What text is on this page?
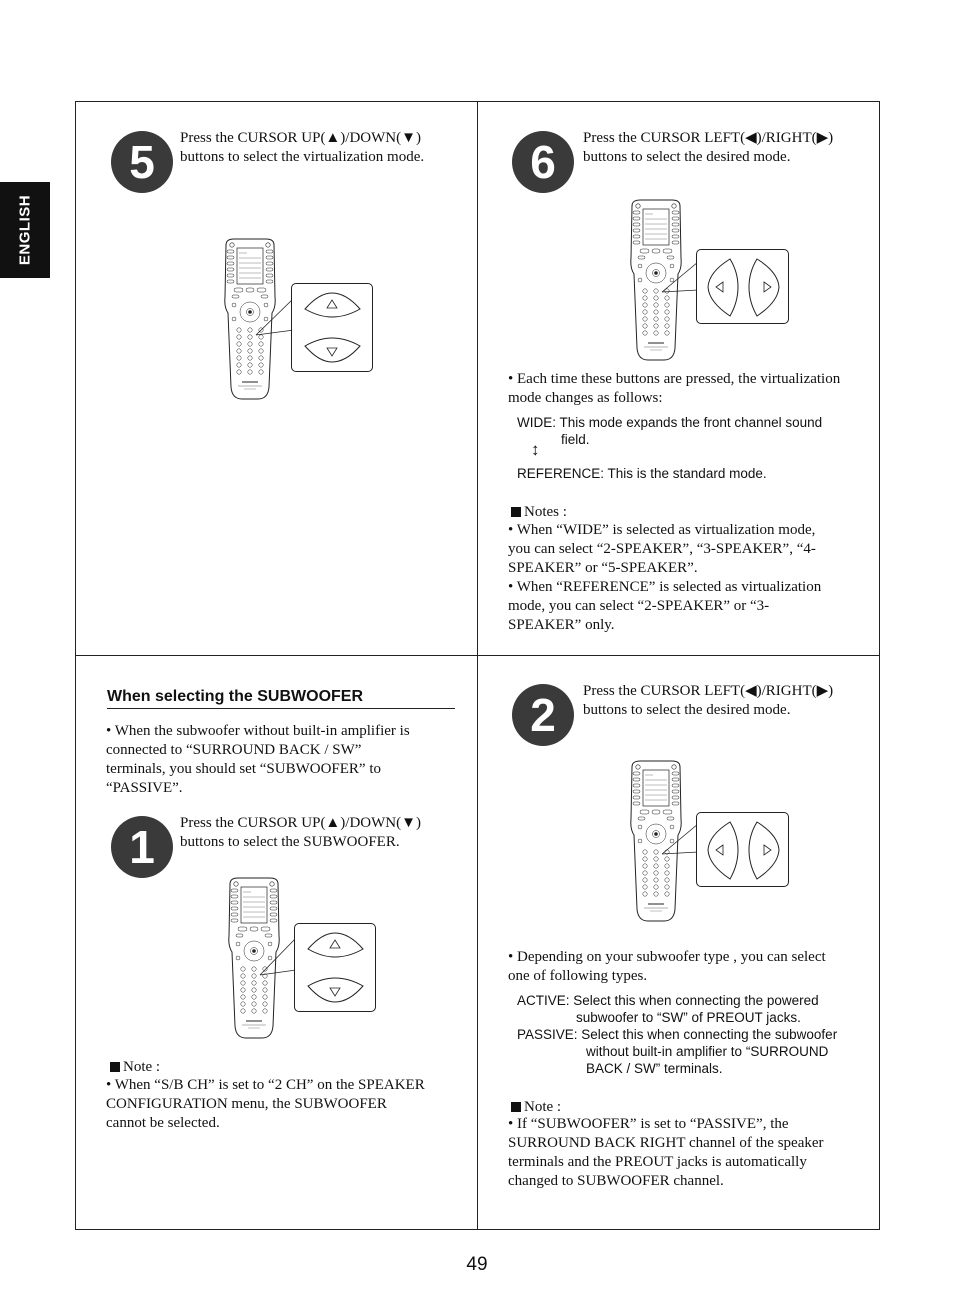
ENGLISH
5	Press the CURSOR UP(▲)/DOWN(▼)
buttons to select the virtualization mode.	6	Press the CURSOR LEFT(◀)/RIGHT(▶)
buttons to select the desired mode.
• Each time these buttons are pressed, the virtualization
mode changes as follows:
WIDE: This mode expands the front channel sound
field.
↕
REFERENCE: This is the standard mode.
Notes :
• When “WIDE” is selected as virtualization mode,
you can select “2-SPEAKER”, “3-SPEAKER”, “4-
SPEAKER” or “5-SPEAKER”.
• When “REFERENCE” is selected as virtualization
mode, you can select “2-SPEAKER” or “3-
SPEAKER” only.
When selecting the SUBWOOFER
• When the subwoofer without built-in amplifier is
connected to “SURROUND BACK / SW”
terminals, you should set “SUBWOOFER” to
“PASSIVE”.
1	Press the CURSOR UP(▲)/DOWN(▼)
buttons to select the SUBWOOFER.
Note :
• When “S/B CH” is set to “2 CH” on the SPEAKER
CONFIGURATION menu, the SUBWOOFER
cannot be selected.
2	Press the CURSOR LEFT(◀)/RIGHT(▶)
buttons to select the desired mode.
• Depending on your subwoofer type , you can select
one of following types.
ACTIVE: Select this when connecting the powered
subwoofer to “SW” of PREOUT jacks.
PASSIVE: Select this when connecting the subwoofer
without built-in amplifier to “SURROUND
BACK / SW” terminals.
Note :
• If “SUBWOOFER” is set to “PASSIVE”, the
SURROUND BACK RIGHT channel of the speaker
terminals and the PREOUT jacks is automatically
changed to SUBWOOFER channel.
49
